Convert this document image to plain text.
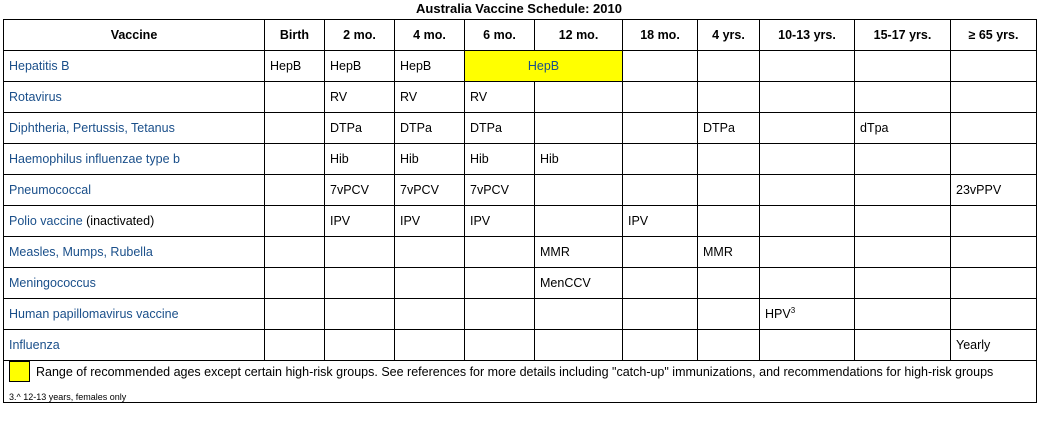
Australia Vaccine Schedule: 2010
Vaccine	Birth	2 mo.	4 mo.	6 mo.	12 mo.	18 mo.	4 yrs.	10-13 yrs.	15-17 yrs.	≥ 65 yrs.
Hepatitis B	HepB	HepB	HepB	HepB						
Rotavirus		RV	RV	RV						
Diphtheria, Pertussis, Tetanus		DTPa	DTPa	DTPa			DTPa		dTpa	
Haemophilus influenzae type b		Hib	Hib	Hib	Hib					
Pneumococcal		7vPCV	7vPCV	7vPCV						23vPPV
Polio vaccine (inactivated)		IPV	IPV	IPV		IPV				
Measles, Mumps, Rubella					MMR		MMR			
Meningococcus					MenCCV					
Human papillomavirus vaccine								HPV$^3$		
Influenza										Yearly

Range of recommended ages except certain high-risk groups. See references for more details including "catch-up" immunizations, and recommendations for high-risk groups
3.^ 12-13 years, females only										
